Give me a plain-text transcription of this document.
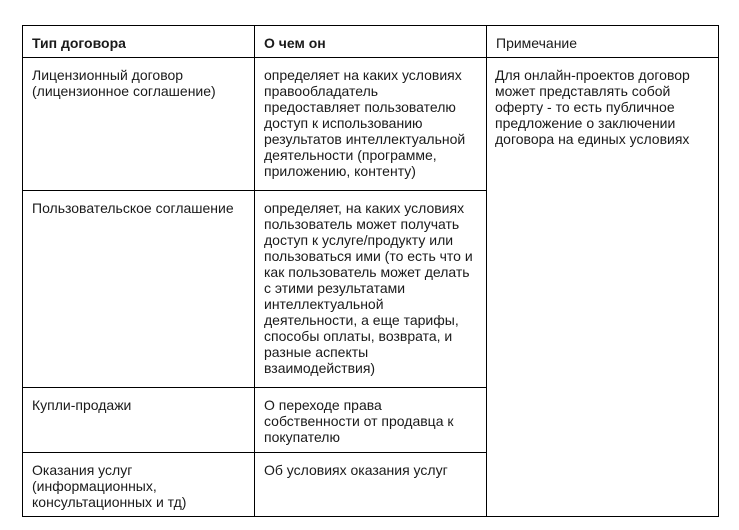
Тип договора	О чем он	Примечание
Лицензионный договор (лицензионное соглашение)	определяет на каких условиях правообладатель предоставляет пользователю доступ к использованию результатов интеллектуальной деятельности (программе, приложению, контенту)	Для онлайн-проектов договор может представлять собой оферту - то есть публичное предложение о заключении договора на единых условиях
Пользовательское соглашение	определяет, на каких условиях пользователь может получать доступ к услуге/продукту или пользоваться ими (то есть что и как пользователь может делать с этими результатами интеллектуальной деятельности, а еще тарифы, способы оплаты, возврата, и разные аспекты взаимодействия)	
Купли-продажи	О переходе права собственности от продавца к покупателю	
Оказания услуг (информационных, консультационных и тд)	Об условиях оказания услуг	
